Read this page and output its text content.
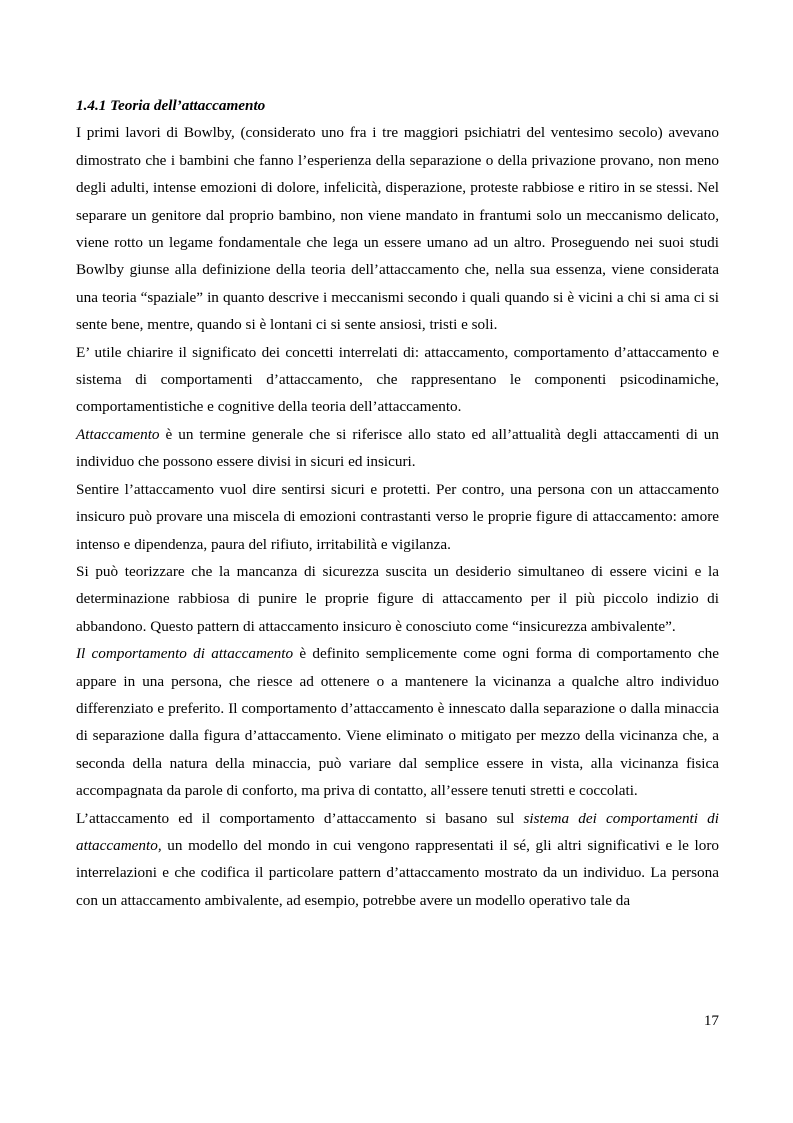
1.4.1 Teoria dell’attaccamento

I primi lavori di Bowlby, (considerato uno fra i tre maggiori psichiatri del ventesimo secolo) avevano dimostrato che i bambini che fanno l’esperienza della separazione o della privazione provano, non meno degli adulti, intense emozioni di dolore, infelicità, disperazione, proteste rabbiose e ritiro in se stessi. Nel separare un genitore dal proprio bambino, non viene mandato in frantumi solo un meccanismo delicato, viene rotto un legame fondamentale che lega un essere umano ad un altro. Proseguendo nei suoi studi Bowlby giunse alla definizione della teoria dell’attaccamento che, nella sua essenza, viene considerata una teoria “spaziale” in quanto descrive i meccanismi secondo i quali quando si è vicini a chi si ama ci si sente bene, mentre, quando si è lontani ci si sente ansiosi, tristi e soli.

E’ utile chiarire il significato dei concetti interrelati di: attaccamento, comportamento d’attaccamento e sistema di comportamenti d’attaccamento, che rappresentano le componenti psicodinamiche, comportamentistiche e cognitive della teoria dell’attaccamento.

Attaccamento è un termine generale che si riferisce allo stato ed all’attualità degli attaccamenti di un individuo che possono essere divisi in sicuri ed insicuri.

Sentire l’attaccamento vuol dire sentirsi sicuri e protetti. Per contro, una persona con un attaccamento insicuro può provare una miscela di emozioni contrastanti verso le proprie figure di attaccamento: amore intenso e dipendenza, paura del rifiuto, irritabilità e vigilanza.

Si può teorizzare che la mancanza di sicurezza suscita un desiderio simultaneo di essere vicini e la determinazione rabbiosa di punire le proprie figure di attaccamento per il più piccolo indizio di abbandono. Questo pattern di attaccamento insicuro è conosciuto come “insicurezza ambivalente”.

Il comportamento di attaccamento è definito semplicemente come ogni forma di comportamento che appare in una persona, che riesce ad ottenere o a mantenere la vicinanza a qualche altro individuo differenziato e preferito. Il comportamento d’attaccamento è innescato dalla separazione o dalla minaccia di separazione dalla figura d’attaccamento. Viene eliminato o mitigato per mezzo della vicinanza che, a seconda della natura della minaccia, può variare dal semplice essere in vista, alla vicinanza fisica accompagnata da parole di conforto, ma priva di contatto, all’essere tenuti stretti e coccolati.

L’attaccamento ed il comportamento d’attaccamento si basano sul sistema dei comportamenti di attaccamento, un modello del mondo in cui vengono rappresentati il sé, gli altri significativi e le loro interrelazioni e che codifica il particolare pattern d’attaccamento mostrato da un individuo. La persona con un attaccamento ambivalente, ad esempio, potrebbe avere un modello operativo tale da

17
